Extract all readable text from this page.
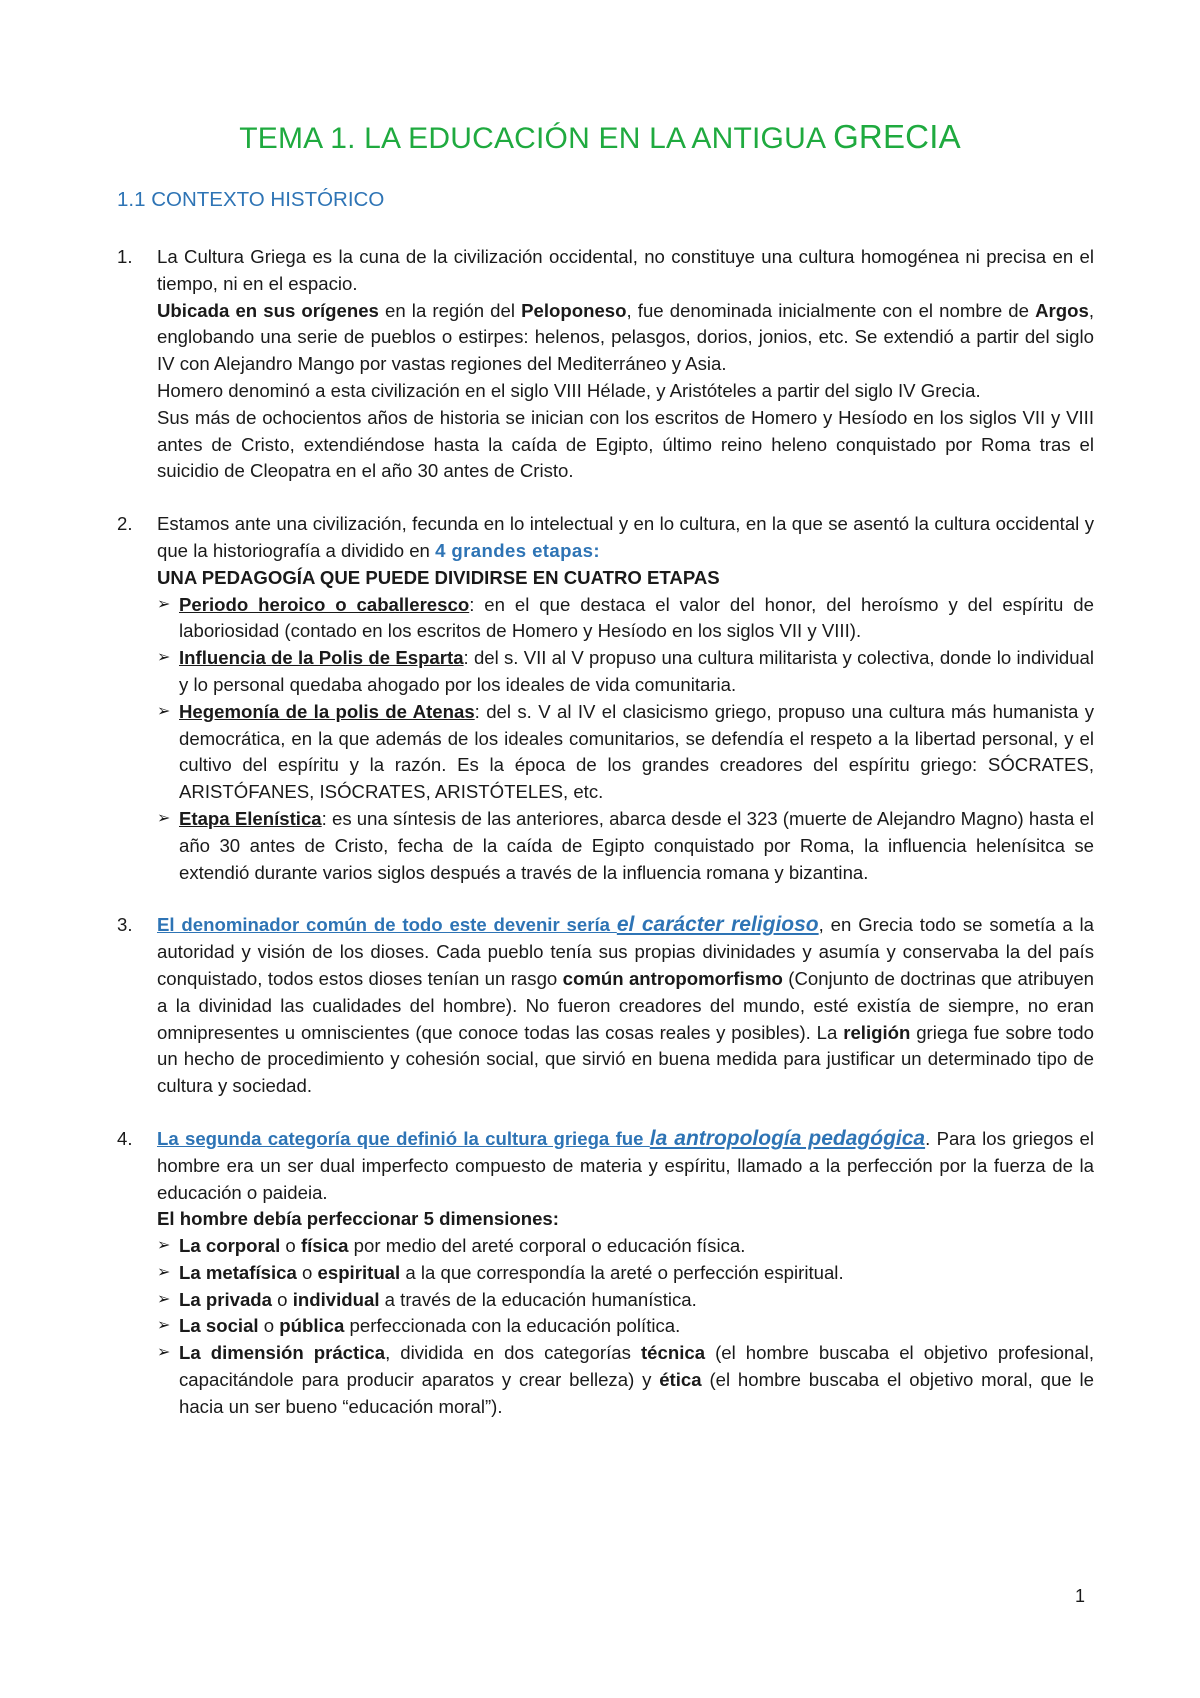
TEMA 1. LA EDUCACIÓN EN LA ANTIGUA GRECIA
1.1 CONTEXTO HISTÓRICO
1. La Cultura Griega es la cuna de la civilización occidental, no constituye una cultura homogénea ni precisa en el tiempo, ni en el espacio.

Ubicada en sus orígenes en la región del Peloponeso, fue denominada inicialmente con el nombre de Argos, englobando una serie de pueblos o estirpes: helenos, pelasgos, dorios, jonios, etc. Se extendió a partir del siglo IV con Alejandro Mango por vastas regiones del Mediterráneo y Asia.

Homero denominó a esta civilización en el siglo VIII Hélade, y Aristóteles a partir del siglo IV Grecia.

Sus más de ochocientos años de historia se inician con los escritos de Homero y Hesíodo en los siglos VII y VIII antes de Cristo, extendiéndose hasta la caída de Egipto, último reino heleno conquistado por Roma tras el suicidio de Cleopatra en el año 30 antes de Cristo.

2. Estamos ante una civilización, fecunda en lo intelectual y en lo cultura, en la que se asentó la cultura occidental y que la historiografía a dividido en 4 grandes etapas:

UNA PEDAGOGÍA QUE PUEDE DIVIDIRSE EN CUATRO ETAPAS

➢ Periodo heroico o caballeresco: en el que destaca el valor del honor, del heroísmo y del espíritu de laboriosidad (contado en los escritos de Homero y Hesíodo en los siglos VII y VIII).
➢ Influencia de la Polis de Esparta: del s. VII al V propuso una cultura militarista y colectiva, donde lo individual y lo personal quedaba ahogado por los ideales de vida comunitaria.
➢ Hegemonía de la polis de Atenas: del s. V al IV el clasicismo griego, propuso una cultura más humanista y democrática, en la que además de los ideales comunitarios, se defendía el respeto a la libertad personal, y el cultivo del espíritu y la razón. Es la época de los grandes creadores del espíritu griego: SÓCRATES, ARISTÓFANES, ISÓCRATES, ARISTÓTELES, etc.
➢ Etapa Elenística: es una síntesis de las anteriores, abarca desde el 323 (muerte de Alejandro Magno) hasta el año 30 antes de Cristo, fecha de la caída de Egipto conquistado por Roma, la influencia helenísitca se extendió durante varios siglos después a través de la influencia romana y bizantina.
3. El denominador común de todo este devenir sería el carácter religioso, en Grecia todo se sometía a la autoridad y visión de los dioses. Cada pueblo tenía sus propias divinidades y asumía y conservaba la del país conquistado, todos estos dioses tenían un rasgo común antropomorfismo (Conjunto de doctrinas que atribuyen a la divinidad las cualidades del hombre). No fueron creadores del mundo, esté existía de siempre, no eran omnipresentes u omniscientes (que conoce todas las cosas reales y posibles). La religión griega fue sobre todo un hecho de procedimiento y cohesión social, que sirvió en buena medida para justificar un determinado tipo de cultura y sociedad.

4. La segunda categoría que definió la cultura griega fue la antropología pedagógica. Para los griegos el hombre era un ser dual imperfecto compuesto de materia y espíritu, llamado a la perfección por la fuerza de la educación o paideia.

El hombre debía perfeccionar 5 dimensiones:

➢ La corporal o física por medio del areté corporal o educación física.
➢ La metafísica o espiritual a la que correspondía la areté o perfección espiritual.
➢ La privada o individual a través de la educación humanística.
➢ La social o pública perfeccionada con la educación política.
➢ La dimensión práctica, dividida en dos categorías técnica (el hombre buscaba el objetivo profesional, capacitándole para producir aparatos y crear belleza) y ética (el hombre buscaba el objetivo moral, que le hacia un ser bueno “educación moral”).
1
